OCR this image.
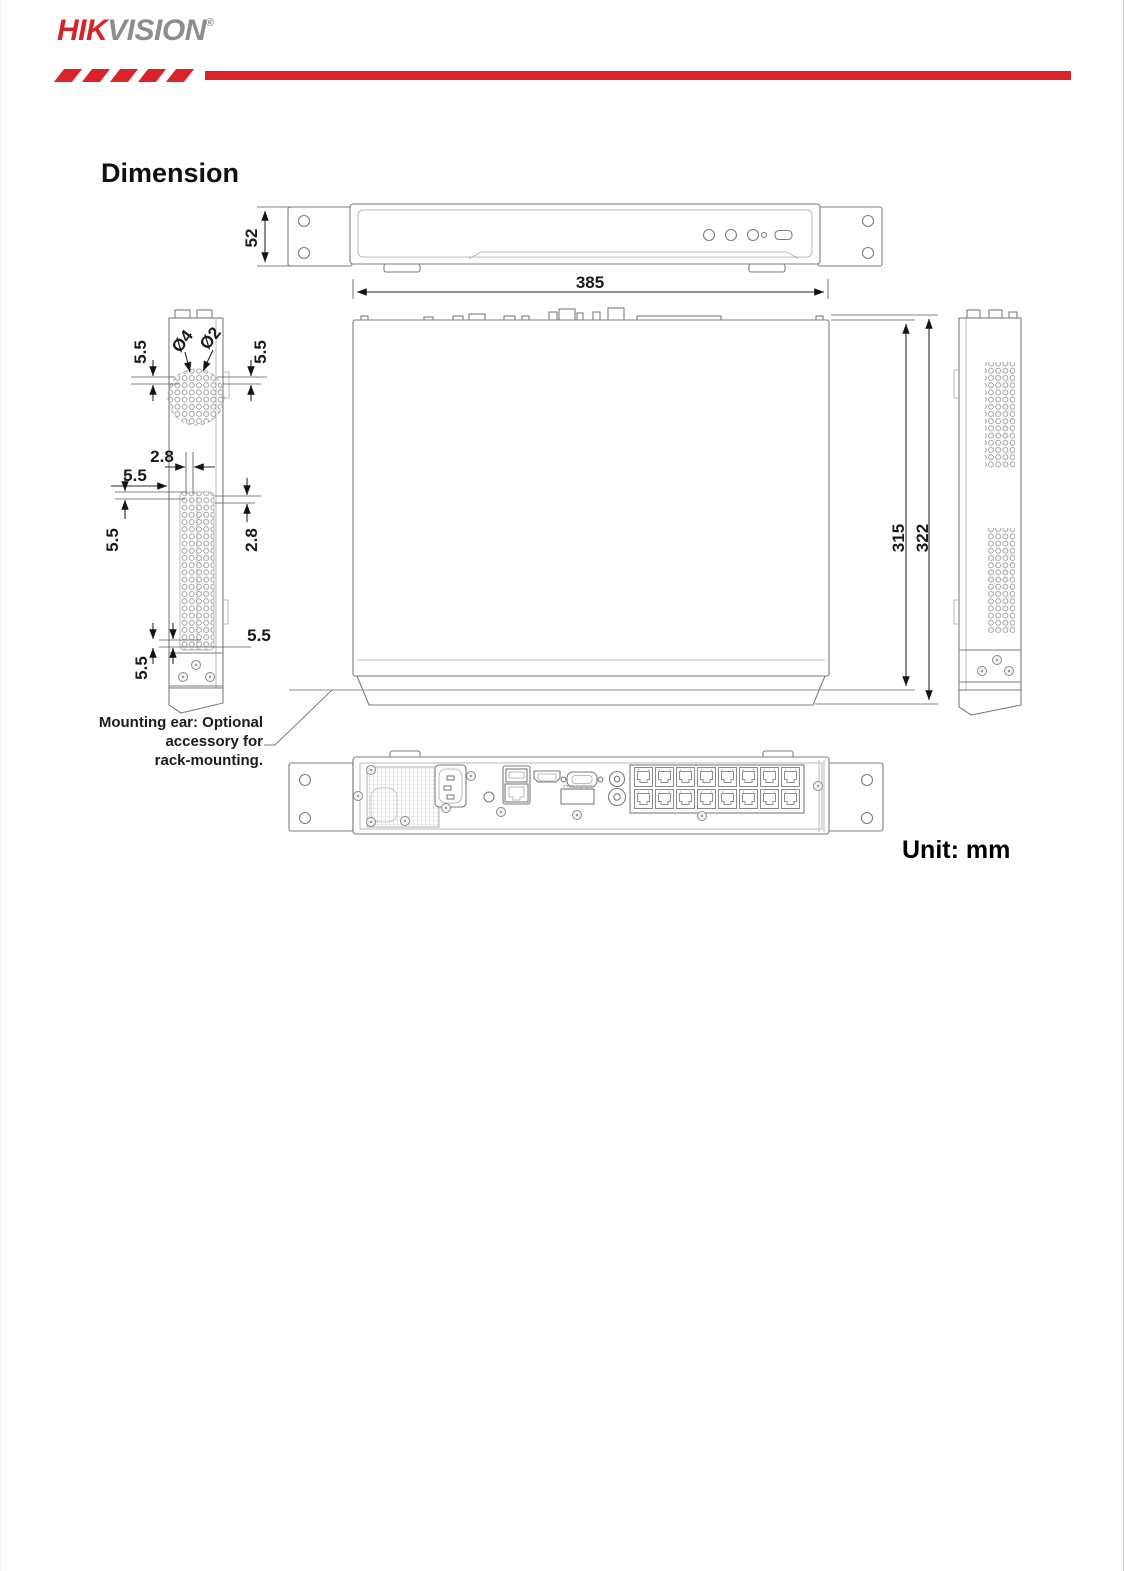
HIKVISION®
Dimension
Mounting ear: Optional
accessory for
rack-mounting.
Unit: mm
52
385
315 322
Ø4 Ø2
5.5	5.5
2.8
5.5
5.5	2.8
5.5
5.5
